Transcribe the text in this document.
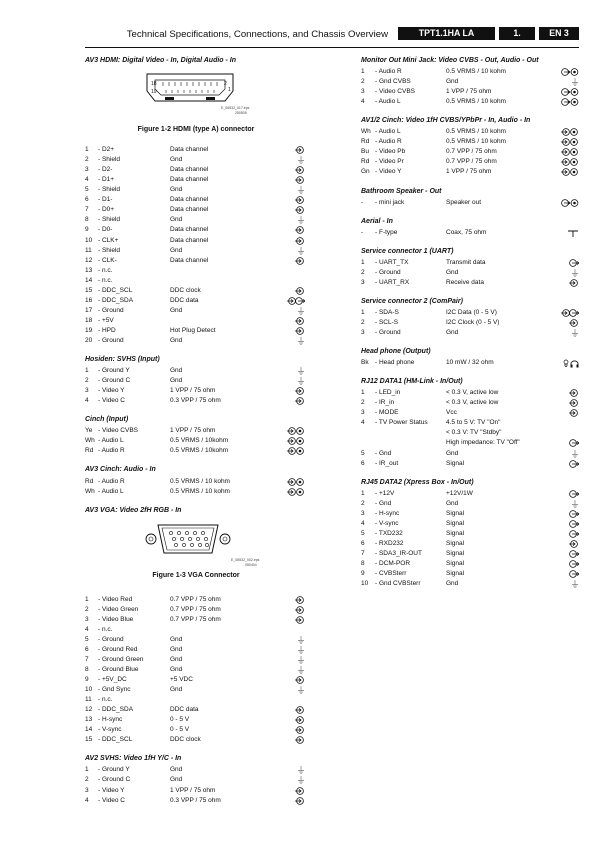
Technical Specifications, Connections, and Chassis Overview	TPT1.1HA LA	1.	EN 3
AV3 HDMI: Digital Video - In, Digital Audio - In
18	2
1
19
E_06532_017.eps
250505
Figure 1-2 HDMI (type A) connector
1 - D2+	Data channel
2 - Shield	Gnd
3 - D2-	Data channel
4 - D1+	Data channel
5 - Shield	Gnd
6 - D1-	Data channel
7 - D0+	Data channel
8 - Shield	Gnd
9 - D0-	Data channel
10 - CLK+	Data channel
11 - Shield	Gnd
12 - CLK-	Data channel
13 - n.c.
14 - n.c.
15 - DDC_SCL	DDC clock
16 - DDC_SDA	DDC data
17 - Ground	Gnd
18 - +5V
19 - HPD	Hot Plug Detect
20 - Ground	Gnd
Hosiden: SVHS (Input)
1 - Ground Y	Gnd
2 - Ground C	Gnd
3 - Video Y	1 VPP / 75 ohm
4 - Video C	0.3 VPP / 75 ohm
Cinch (Input)
Ye - Video CVBS	1 VPP / 75 ohm
Wh - Audio L	0.5 VRMS / 10kohm
Rd - Audio R	0.5 VRMS / 10kohm
AV3 Cinch: Audio - In
Rd - Audio R	0.5 VRMS / 10 kohm
Wh - Audio L	0.5 VRMS / 10 kohm
AV3 VGA: Video 2fH RGB - In
E_06532_002.eps
050404
Figure 1-3 VGA Connector
1 - Video Red	0.7 VPP / 75 ohm
2 - Video Green	0.7 VPP / 75 ohm
3 - Video Blue	0.7 VPP / 75 ohm
4 - n.c.
5 - Ground	Gnd
6 - Ground Red	Gnd
7 - Ground Green	Gnd
8 - Ground Blue	Gnd
9 - +5V_DC	+5 VDC
10 - Gnd Sync	Gnd
11 - n.c.
12 - DDC_SDA	DDC data
13 - H-sync	0 - 5 V
14 - V-sync	0 - 5 V
15 - DDC_SCL	DDC clock
AV2 SVHS: Video 1fH Y/C - In
1 - Ground Y	Gnd
2 - Ground C	Gnd
3 - Video Y	1 VPP / 75 ohm
4 - Video C	0.3 VPP / 75 ohm
Monitor Out Mini Jack: Video CVBS - Out, Audio - Out
1 - Audio R	0.5 VRMS / 10 kohm
2 - Gnd CVBS	Gnd
3 - Video CVBS	1 VPP / 75 ohm
4 - Audio L	0.5 VRMS / 10 kohm
AV1/2 Cinch: Video 1fH CVBS/YPbPr - In, Audio - In
Wh - Audio L	0.5 VRMS / 10 kohm
Rd - Audio R	0.5 VRMS / 10 kohm
Bu - Video Pb	0.7 VPP / 75 ohm
Rd - Video Pr	0.7 VPP / 75 ohm
Gn - Video Y	1 VPP / 75 ohm
Bathroom Speaker - Out
- - mini jack	Speaker out
Aerial - In
- - F-type	Coax, 75 ohm
Service connector 1 (UART)
1 - UART_TX	Transmit data
2 - Ground	Gnd
3 - UART_RX	Receive data
Service connector 2 (ComPair)
1 - SDA-S	I2C Data (0 - 5 V)
2 - SCL-S	I2C Clock (0 - 5 V)
3 - Ground	Gnd
Head phone (Output)
Bk - Head phone	10 mW / 32 ohm
RJ12 DATA1 (HM-Link - In/Out)
1 - LED_in	< 0.3 V, active low
2 - IR_in	< 0.3 V, active low
3 - MODE	Vcc
4 - TV Power Status	4.5 to 5 V: TV "On"
< 0.3 V: TV "Stdby"
High impedance: TV "Off"
5 - Gnd	Gnd
6 - IR_out	Signal
RJ45 DATA2 (Xpress Box - In/Out)
1 - +12V	+12V/1W
2 - Gnd	Gnd
3 - H-sync	Signal
4 - V-sync	Signal
5 - TXD232	Signal
6 - RXD232	Signal
7 - SDA3_IR-OUT	Signal
8 - DCM-POR	Signal
9 - CVBSterr	Signal
10 - Gnd CVBSterr	Gnd
